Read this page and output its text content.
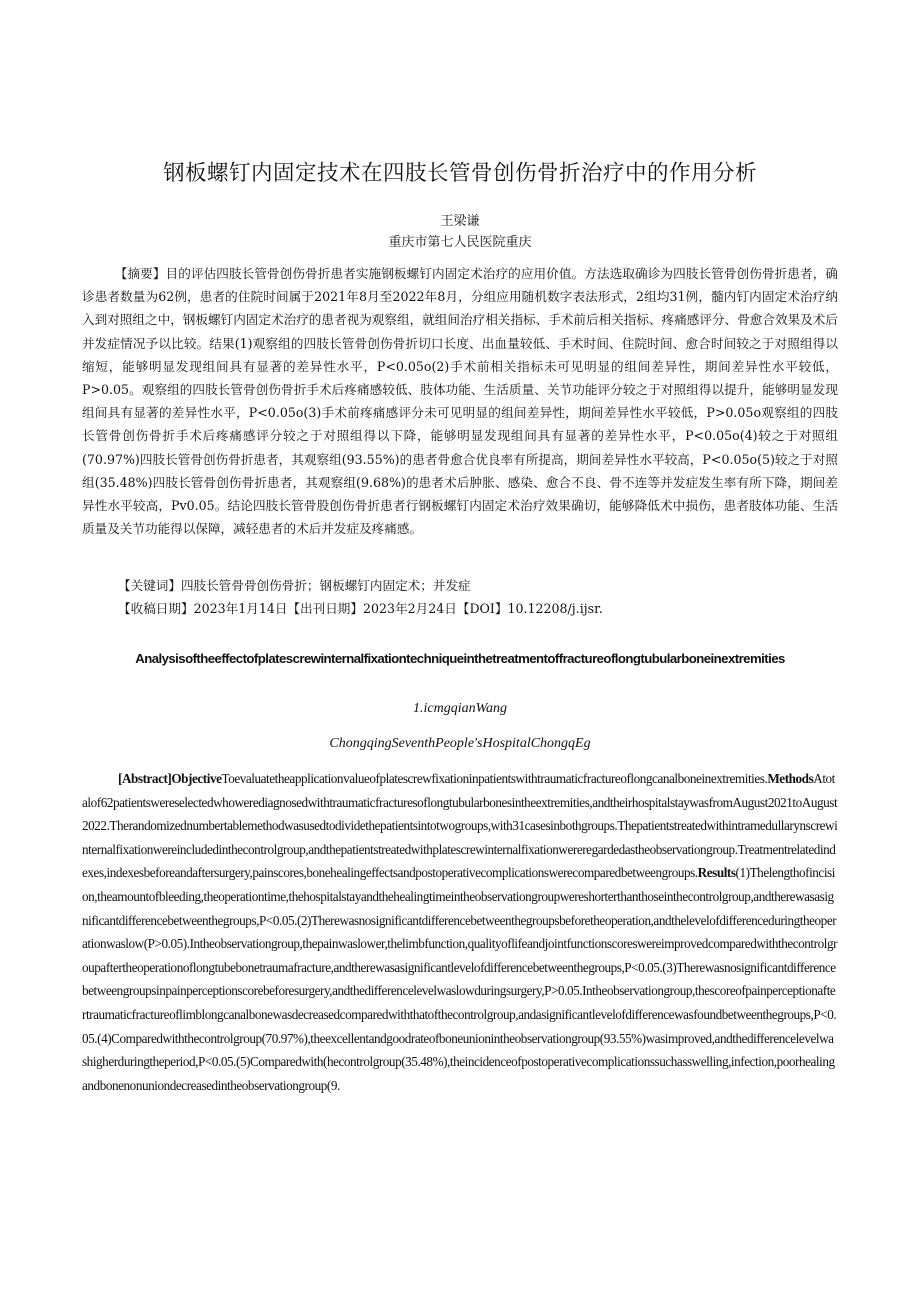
钢板螺钉内固定技术在四肢长管骨创伤骨折治疗中的作用分析
王梁谦
重庆市第七人民医院重庆
【摘要】目的评估四肢长管骨创伤骨折患者实施钢板螺钉内固定术治疗的应用价值。方法选取确诊为四肢长管骨创伤骨折患者，确诊患者数量为62例，患者的住院时间属于2021年8月至2022年8月，分组应用随机数字表法形式，2组均31例，髓内钉内固定术治疗纳入到对照组之中，钢板螺钉内固定术治疗的患者视为观察组，就组间治疗相关指标、手术前后相关指标、疼痛感评分、骨愈合效果及术后并发症情况予以比较。结果(1)观察组的四肢长管骨创伤骨折切口长度、出血量较低、手术时间、住院时间、愈合时间较之于对照组得以缩短，能够明显发现组间具有显著的差异性水平，P<0.05o(2)手术前相关指标未可见明显的组间差异性，期间差异性水平较低，P>0.05。观察组的四肢长管骨创伤骨折手术后疼痛感较低、肢体功能、生活质量、关节功能评分较之于对照组得以提升，能够明显发现组间具有显著的差异性水平，P<0.05o(3)手术前疼痛感评分未可见明显的组间差异性，期间差异性水平较低，P>0.05o观察组的四肢长管骨创伤骨折手术后疼痛感评分较之于对照组得以下降，能够明显发现组间具有显著的差异性水平，P<0.05o(4)较之于对照组(70.97%)四肢长管骨创伤骨折患者，其观察组(93.55%)的患者骨愈合优良率有所提高，期间差异性水平较高，P<0.05o(5)较之于对照组(35.48%)四肢长管骨创伤骨折患者，其观察组(9.68%)的患者术后肿胀、感染、愈合不良、骨不连等并发症发生率有所下降，期间差异性水平较高，Pv0.05。结论四肢长管骨股创伤骨折患者行钢板螺钉内固定术治疗效果确切，能够降低术中损伤，患者肢体功能、生活质量及关节功能得以保障，减轻患者的术后并发症及疼痛感。
【关键词】四肢长管骨骨创伤骨折；钢板螺钉内固定术；并发症
【收稿日期】2023年1月14日【出刊日期】2023年2月24日【DOI】10.12208/j.ijsr.
Analysisoftheeffectofplatescrewinternalfixationtechniqueinthetreatmentoffractureoflongtubularboneinextremities
1.icmgqianWang
ChongqingSeventhPeople'sHospitalChongqEg
[Abstract]ObjectiveToevaluatetheapplicationvalueofplatescrewfixationinpatientswithtraumaticfractureoflongcanalboneinextremities.MethodsAtotalof62patientswereselectedwhowerediagnosedwithtraumaticfracturesoflongtubularbonesintheextremities,andtheirhospitalstaywasfromAugust2021toAugust2022.Therandomizednumbertablemethodwasusedtodividethepatientsintotwogroups,with31casesinbothgroups.Thepatientstreatedwithintramedullarynscrewinternalfixationwereincludedinthecontrolgroup,andthepatientstreatedwithplatescrewinternalfixationwereregardedastheobservationgroup.Treatmentrelatedindexes,indexesbeforeandaftersurgery,painscores,bonehealingeffectsandpostoperativecomplicationswerecomparedbetweengroups.Results(1)Thelengthofincision,theamountofbleeding,theoperationtime,thehospitalstayandthehealingtimeintheobservationgroupwereshorterthanthoseinthecontrolgroup,andtherewasasignificantdifferencebetweenthegroups,P<0.05.(2)Therewasnosignificantdifferencebetweenthegroupsbeforetheoperation,andthelevelofdifferenceduringtheoperationwaslow(P>0.05).Intheobservationgroup,thepainwaslower,thelimbfunction,qualityoflifeandjointfunctionscoreswereimprovedcomparedwiththecontrolgroupaftertheoperationoflongtubebonetraumafracture,andtherewasasignificantlevelofdifferencebetweenthegroups,P<0.05.(3)Therewasnosignificantdifferencebetweengroupsinpainperceptionscorebeforesurgery,andthedifferencelevelwaslowduringsurgery,P>0.05.Intheobservationgroup,thescoreofpainperceptionaftertraumaticfractureoflimblongcanalbonewasdecreasedcomparedwiththatofthecontrolgroup,andasignificantlevelofdifferencewasfoundbetweenthegroups,P<0.05.(4)Comparedwiththecontrolgroup(70.97%),theexcellentandgoodrateofboneunionintheobservationgroup(93.55%)wasimproved,andthedifferencelevelwashigherduringtheperiod,P<0.05.(5)Comparedwith(hecontrolgroup(35.48%),theincidenceofpostoperativecomplicationssuchasswelling,infection,poorhealingandbonenonuniondecreasedintheobservationgroup(9.
